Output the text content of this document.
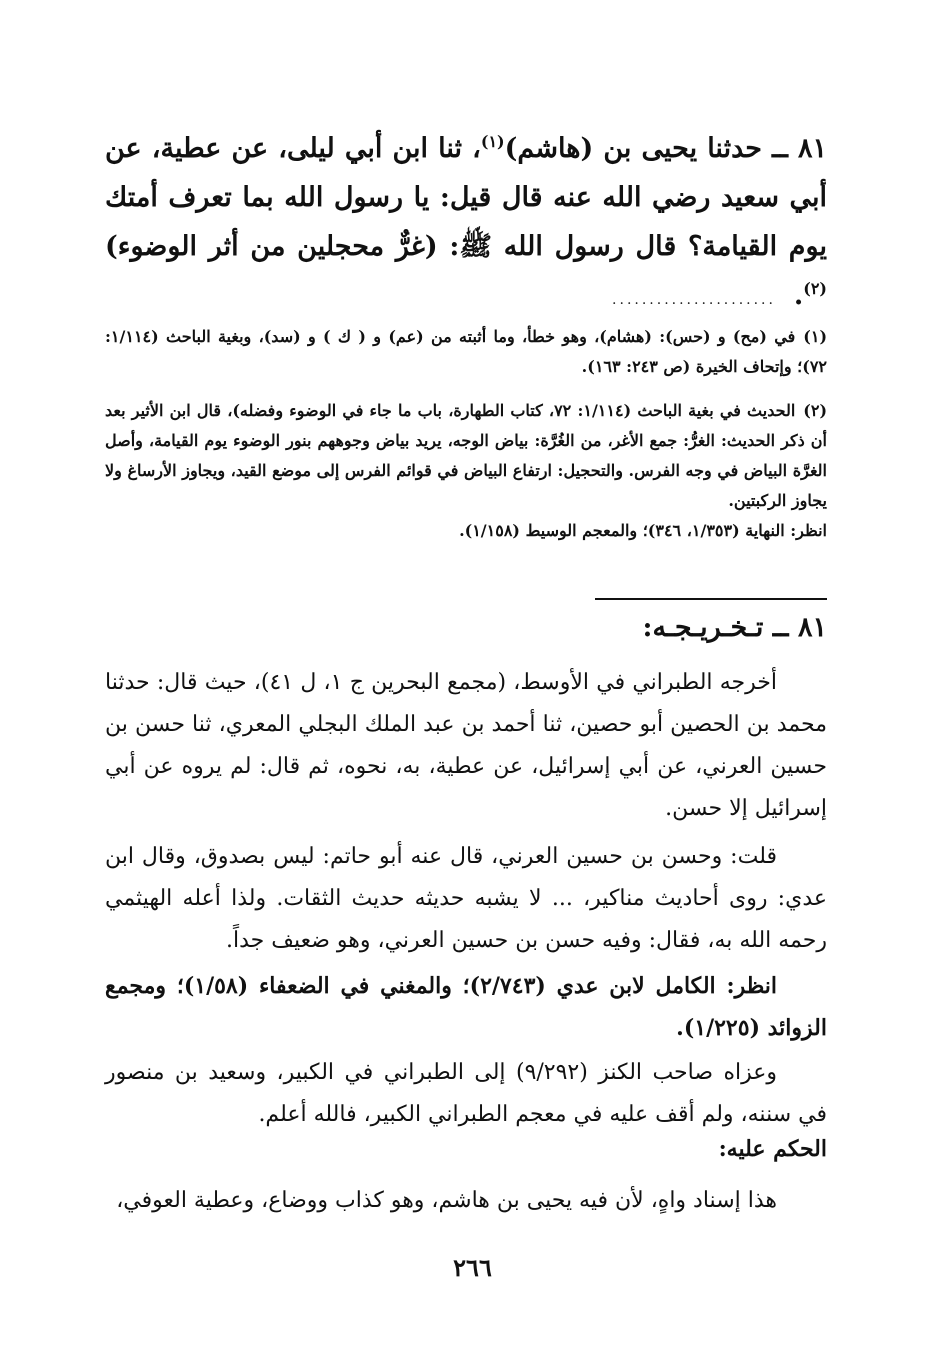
٨١ ــ حدثنا يحيى بن (هاشم)$^{(١)}$، ثنا ابن أبي ليلى، عن عطية، عن أبي سعيد رضي الله عنه قال قيل: يا رسول الله بما تعرف أمتك يوم القيامة؟ قال رسول الله ﷺ: (غرٌّ محجلين من أثر الوضوء)$^{(٢)}$.
......................
(١)في (مح) و (حس): (هشام)، وهو خطأ، وما أثبته من (عم) و ( ك ) و (سد)، وبغية الباحث (١/١١٤: ٧٢)؛ وإتحاف الخيرة (ص ٢٤٣: ١٦٣).
(٢)الحديث في بغية الباحث (١/١١٤: ٧٢، كتاب الطهارة، باب ما جاء في الوضوء وفضله)، قال ابن الأثير بعد أن ذكر الحديث: الغرُّ: جمع الأغر، من الغُرَّة: بياض الوجه، يريد بياض وجوههم بنور الوضوء يوم القيامة، وأصل الغرَّة البياض في وجه الفرس. والتحجيل: ارتفاع البياض في قوائم الفرس إلى موضع القيد، ويجاوز الأرساغ ولا يجاوز الركبتين.
انظر: النهاية (١/٣٥٣، ٣٤٦)؛ والمعجم الوسيط (١/١٥٨).
٨١ ــ تـخـريـجـه:
أخرجه الطبراني في الأوسط، (مجمع البحرين ج ١، ل ٤١)، حيث قال: حدثنا محمد بن الحصين أبو حصين، ثنا أحمد بن عبد الملك البجلي المعري، ثنا حسن بن حسين العرني، عن أبي إسرائيل، عن عطية، به، نحوه، ثم قال: لم يروه عن أبي إسرائيل إلا حسن.
قلت: وحسن بن حسين العرني، قال عنه أبو حاتم: ليس بصدوق، وقال ابن عدي: روى أحاديث مناكير، ... لا يشبه حديثه حديث الثقات. ولذا أعله الهيثمي رحمه الله به، فقال: وفيه حسن بن حسين العرني، وهو ضعيف جداً.
انظر: الكامل لابن عدي (٢/٧٤٣)؛ والمغني في الضعفاء (١/٥٨)؛ ومجمع الزوائد (١/٢٢٥).
وعزاه صاحب الكنز (٩/٢٩٢) إلى الطبراني في الكبير، وسعيد بن منصور في سننه، ولم أقف عليه في معجم الطبراني الكبير، فالله أعلم.
الحكم عليه:
هذا إسناد واهٍ، لأن فيه يحيى بن هاشم، وهو كذاب ووضاع، وعطية العوفي،
٢٦٦
